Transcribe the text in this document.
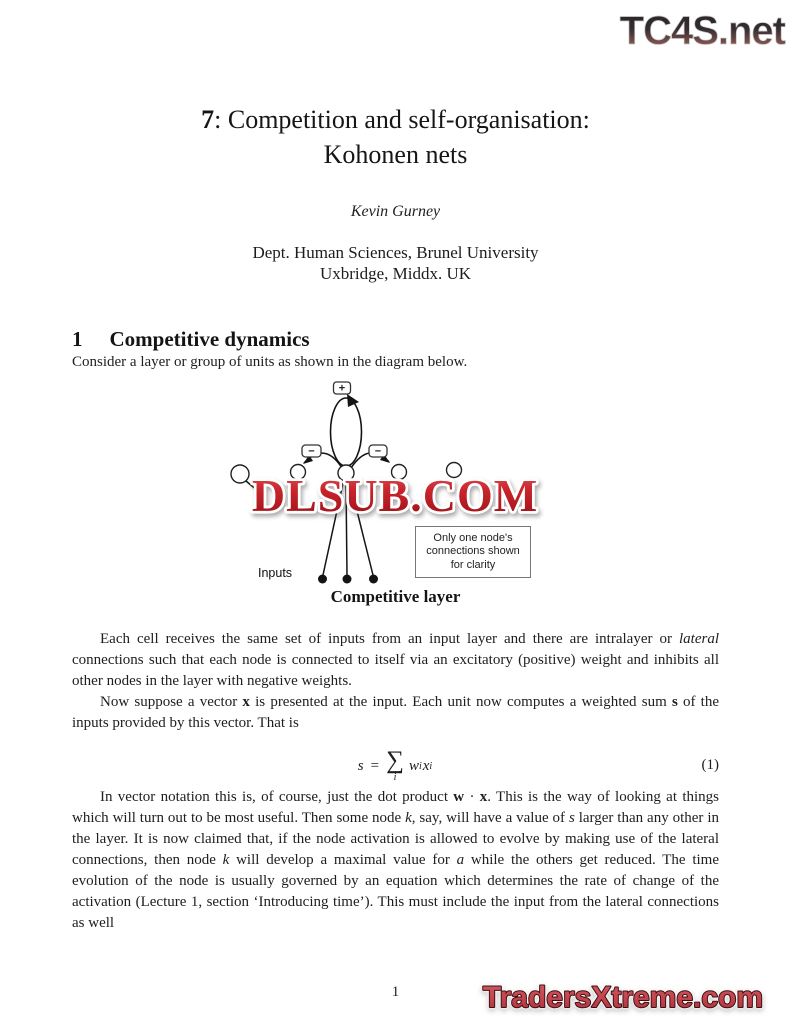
TC4S.net
7: Competition and self-organisation:
Kohonen nets
Kevin Gurney
Dept. Human Sciences, Brunel University
Uxbridge, Middx. UK
1 Competitive dynamics

Consider a layer or group of units as shown in the diagram below.

+
−	−
DLSUB.COM
Inputs
Only one node's
connections shown
for clarity
Competitive layer

Each cell receives the same set of inputs from an input layer and there are intralayer or lateral connections such that each node is connected to itself via an excitatory (positive) weight and inhibits all other nodes in the layer with negative weights.

Now suppose a vector x is presented at the input. Each unit now computes a weighted sum s of the inputs provided by this vector. That is

s = ∑
i
w i x i	(1)

In vector notation this is, of course, just the dot product w · x. This is the way of looking at things which will turn out to be most useful. Then some node k, say, will have a value of s larger than any other in the layer. It is now claimed that, if the node activation is allowed to evolve by making use of the lateral connections, then node k will develop a maximal value for a while the others get reduced. The time evolution of the node is usually governed by an equation which determines the rate of change of the activation (Lecture 1, section ‘Introducing time’). This must include the input from the lateral connections as well

1	TradersXtreme.com
